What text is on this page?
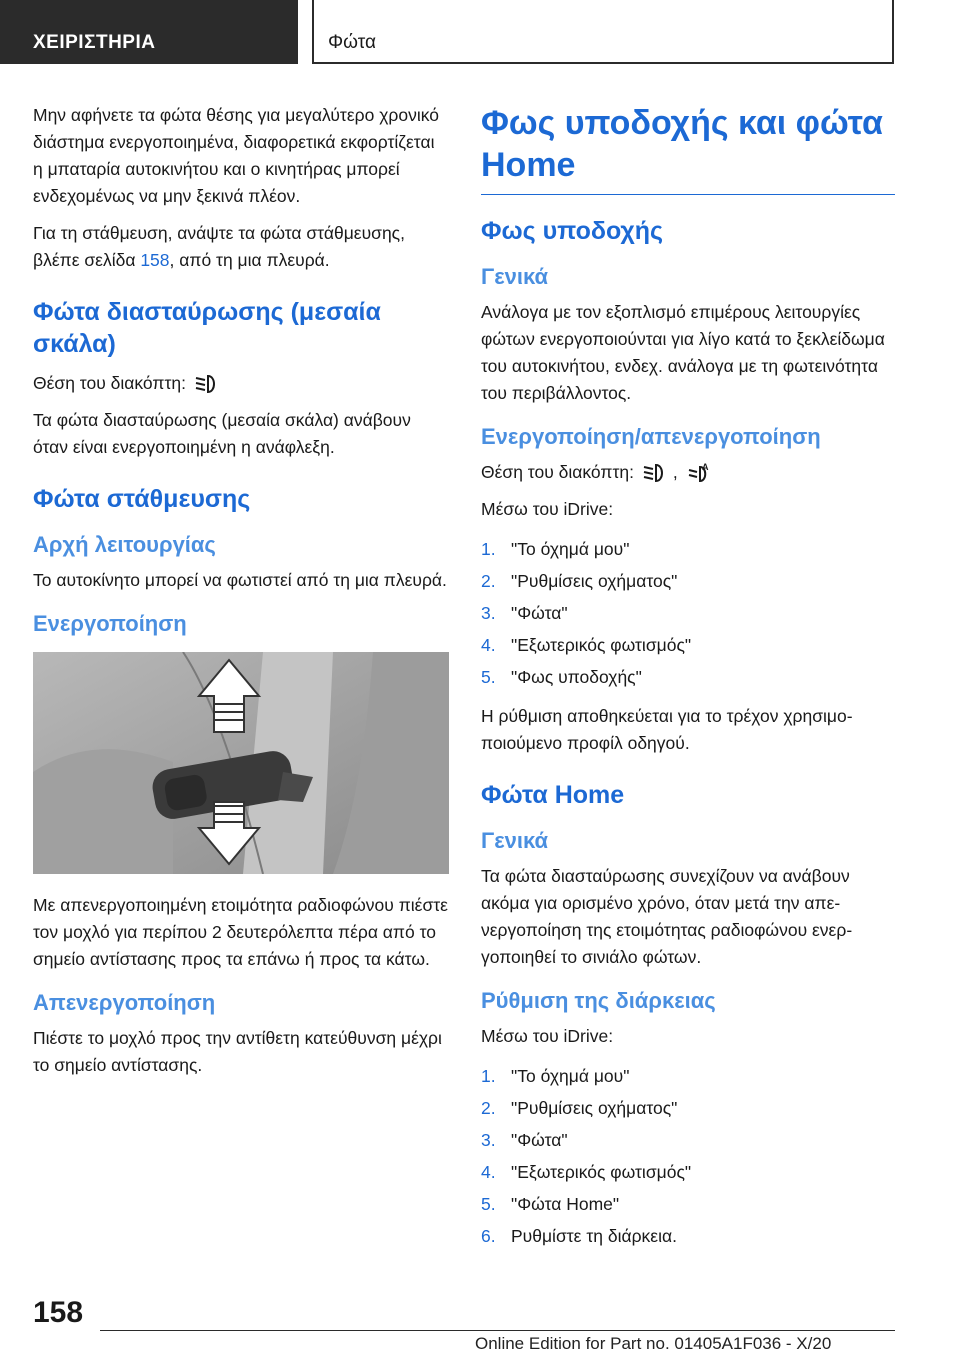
ΧΕΙΡΙΣΤΗΡΙΑ	Φώτα

Μην αφήνετε τα φώτα θέσης για μεγαλύτερο χρονικό διάστημα ενεργοποιημένα, διαφορετικά εκφορτίζεται η μπαταρία αυτοκινήτου και ο κινητήρας μπορεί ενδεχομένως να μην ξεκινά πλέον.

Για τη στάθμευση, ανάψτε τα φώτα στάθμευσης, βλέπε σελίδα 158, από τη μια πλευρά.

Φώτα διασταύρωσης (μεσαία σκάλα)

Θέση του διακόπτη:

Τα φώτα διασταύρωσης (μεσαία σκάλα) ανάβουν όταν είναι ενεργοποιημένη η ανάφλεξη.

Φώτα στάθμευσης
Αρχή λειτουργίας

Το αυτοκίνητο μπορεί να φωτιστεί από τη μια πλευρά.

Ενεργοποίηση

Με απενεργοποιημένη ετοιμότητα ραδιοφώνου πιέστε τον μοχλό για περίπου 2 δευτερόλεπτα πέρα από το σημείο αντίστασης προς τα επάνω ή προς τα κάτω.

Απενεργοποίηση

Πιέστε το μοχλό προς την αντίθετη κατεύθυνση μέχρι το σημείο αντίστασης.

Φως υποδοχής και φώτα Home
Φως υποδοχής
Γενικά

Ανάλογα με τον εξοπλισμό επιμέρους λειτουργίες φώτων ενεργοποιούνται για λίγο κατά το ξεκλείδωμα του αυτοκινήτου, ενδεχ. ανάλογα με τη φωτεινότητα του περιβάλλοντος.

Ενεργοποίηση/απενεργοποίηση

Θέση του διακόπτη: ,	A

Μέσω του iDrive:

1. "Το όχημά μου"
2. "Ρυθμίσεις οχήματος"
3. "Φώτα"
4. "Εξωτερικός φωτισμός"
5. "Φως υποδοχής"

Η ρύθμιση αποθηκεύεται για το τρέχον χρησιμοποιούμενο προφίλ οδηγού.

Φώτα Home
Γενικά

Τα φώτα διασταύρωσης συνεχίζουν να ανάβουν ακόμα για ορισμένο χρόνο, όταν μετά την απενεργοποίηση της ετοιμότητας ραδιοφώνου ενεργοποιηθεί το σινιάλο φώτων.

Ρύθμιση της διάρκειας

Μέσω του iDrive:

1. "Το όχημά μου"
2. "Ρυθμίσεις οχήματος"
3. "Φώτα"
4. "Εξωτερικός φωτισμός"
5. "Φώτα Home"
6. Ρυθμίστε τη διάρκεια.
158
Online Edition for Part no. 01405A1F036 - X/20
